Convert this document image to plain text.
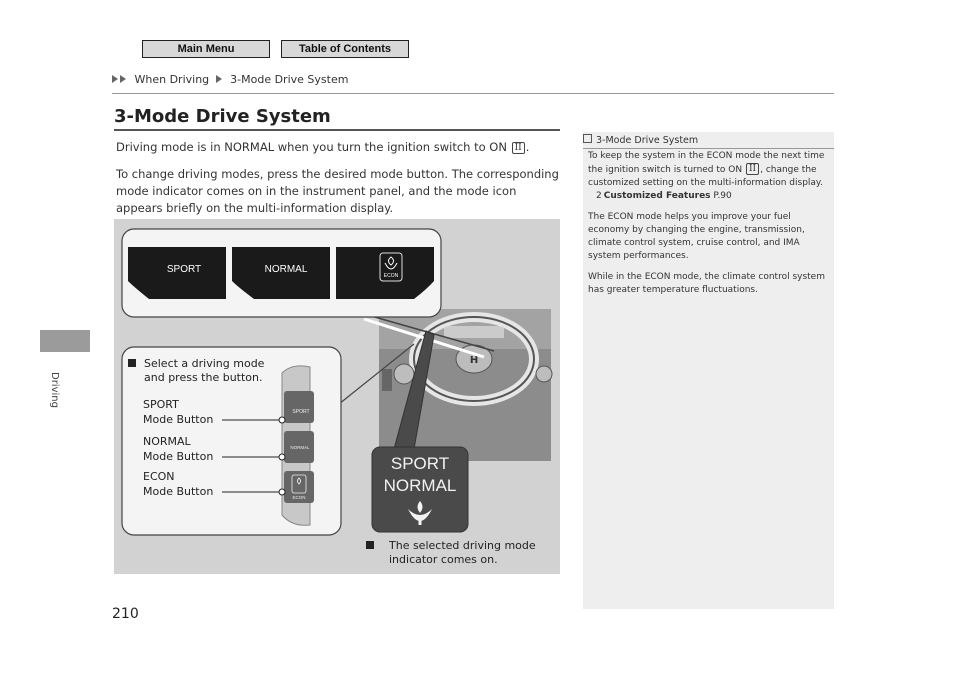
Main Menu	Table of Contents
When Driving 3-Mode Drive System
Driving
3-Mode Drive System
Driving mode is in NORMAL when you turn the ignition switch to ON II .
To change driving modes, press the desired mode button. The corresponding mode indicator comes on in the instrument panel, and the mode icon appears briefly on the multi-information display.
H
SPORT	NORMAL
ECON
Select a driving mode
and press the button.
SPORT
NORMAL
ECON
SPORT
Mode Button
NORMAL
Mode Button
ECON
Mode Button
SPORT
NORMAL
The selected driving mode
indicator comes on.
3-Mode Drive System

To keep the system in the ECON mode the next time the ignition switch is turned to ON II , change the customized setting on the multi-information display.
2 Customized Features P.90

The ECON mode helps you improve your fuel economy by changing the engine, transmission, climate control system, cruise control, and IMA system performances.

While in the ECON mode, the climate control system has greater temperature fluctuations.

210
